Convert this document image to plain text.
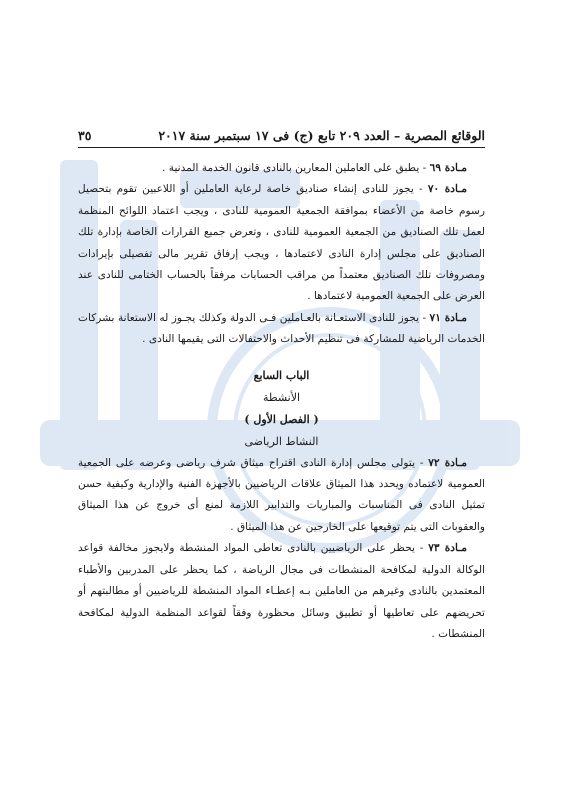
الوقائع المصرية – العدد ٢٠٩ تابع (ج) فى ١٧ سبتمبر سنة ٢٠١٧
٣٥

مـادة ٦٩ - يطبق على العاملين المعارين بالنادى قانون الخدمة المدنية .

مـادة ٧٠ - يجوز للنادى إنشاء صناديق خاصة لرعاية العاملين أو اللاعبين تقوم بتحصيل رسوم خاصة من الأعضاء بموافقة الجمعية العمومية للنادى ، ويجب اعتماد اللوائح المنظمة لعمل تلك الصناديق من الجمعية العمومية للنادى ، وتعرض جميع القرارات الخاصة بإدارة تلك الصناديق على مجلس إدارة النادى لاعتمادها ، ويجب إرفاق تقرير مالى تفصيلى بإيرادات ومصروفات تلك الصناديق معتمداً من مراقب الحسابات مرفقاً بالحساب الختامى للنادى عند العرض على الجمعية العمومية لاعتمادها .

مـادة ٧١ - يجوز للنادى الاستعـانة بالعـاملين فـى الدولة وكذلك يجـوز له الاستعانة بشركات الخدمات الرياضية للمشاركة فى تنظيم الأحداث والاحتفالات التى يقيمها النادى .

الباب السابع
الأنشطة
( الفصل الأول )
النشاط الرياضى

مـادة ٧٢ - يتولى مجلس إدارة النادى اقتراح ميثاق شرف رياضى وعرضه على الجمعية العمومية لاعتماده ويحدد هذا الميثاق علاقات الرياضيين بالأجهزة الفنية والإدارية وكيفية حسن تمثيل النادى فى المناسبات والمباريات والتدابير اللازمة لمنع أى خروج عن هذا الميثاق والعقوبات التى يتم توقيعها على الخارجين عن هذا الميثاق .

مـادة ٧٣ - يحظر على الرياضيين بالنادى تعاطى المواد المنشطة ولايجوز مخالفة قواعد الوكالة الدولية لمكافحة المنشطات فى مجال الرياضة ، كما يحظر على المدربين والأطباء المعتمدين بالنادى وغيرهم من العاملين بـه إعطـاء المواد المنشطة للرياضيين أو مطالبتهم أو تحريضهم على تعاطيها أو تطبيق وسائل محظورة وفقاً لقواعد المنظمة الدولية لمكافحة المنشطات .
